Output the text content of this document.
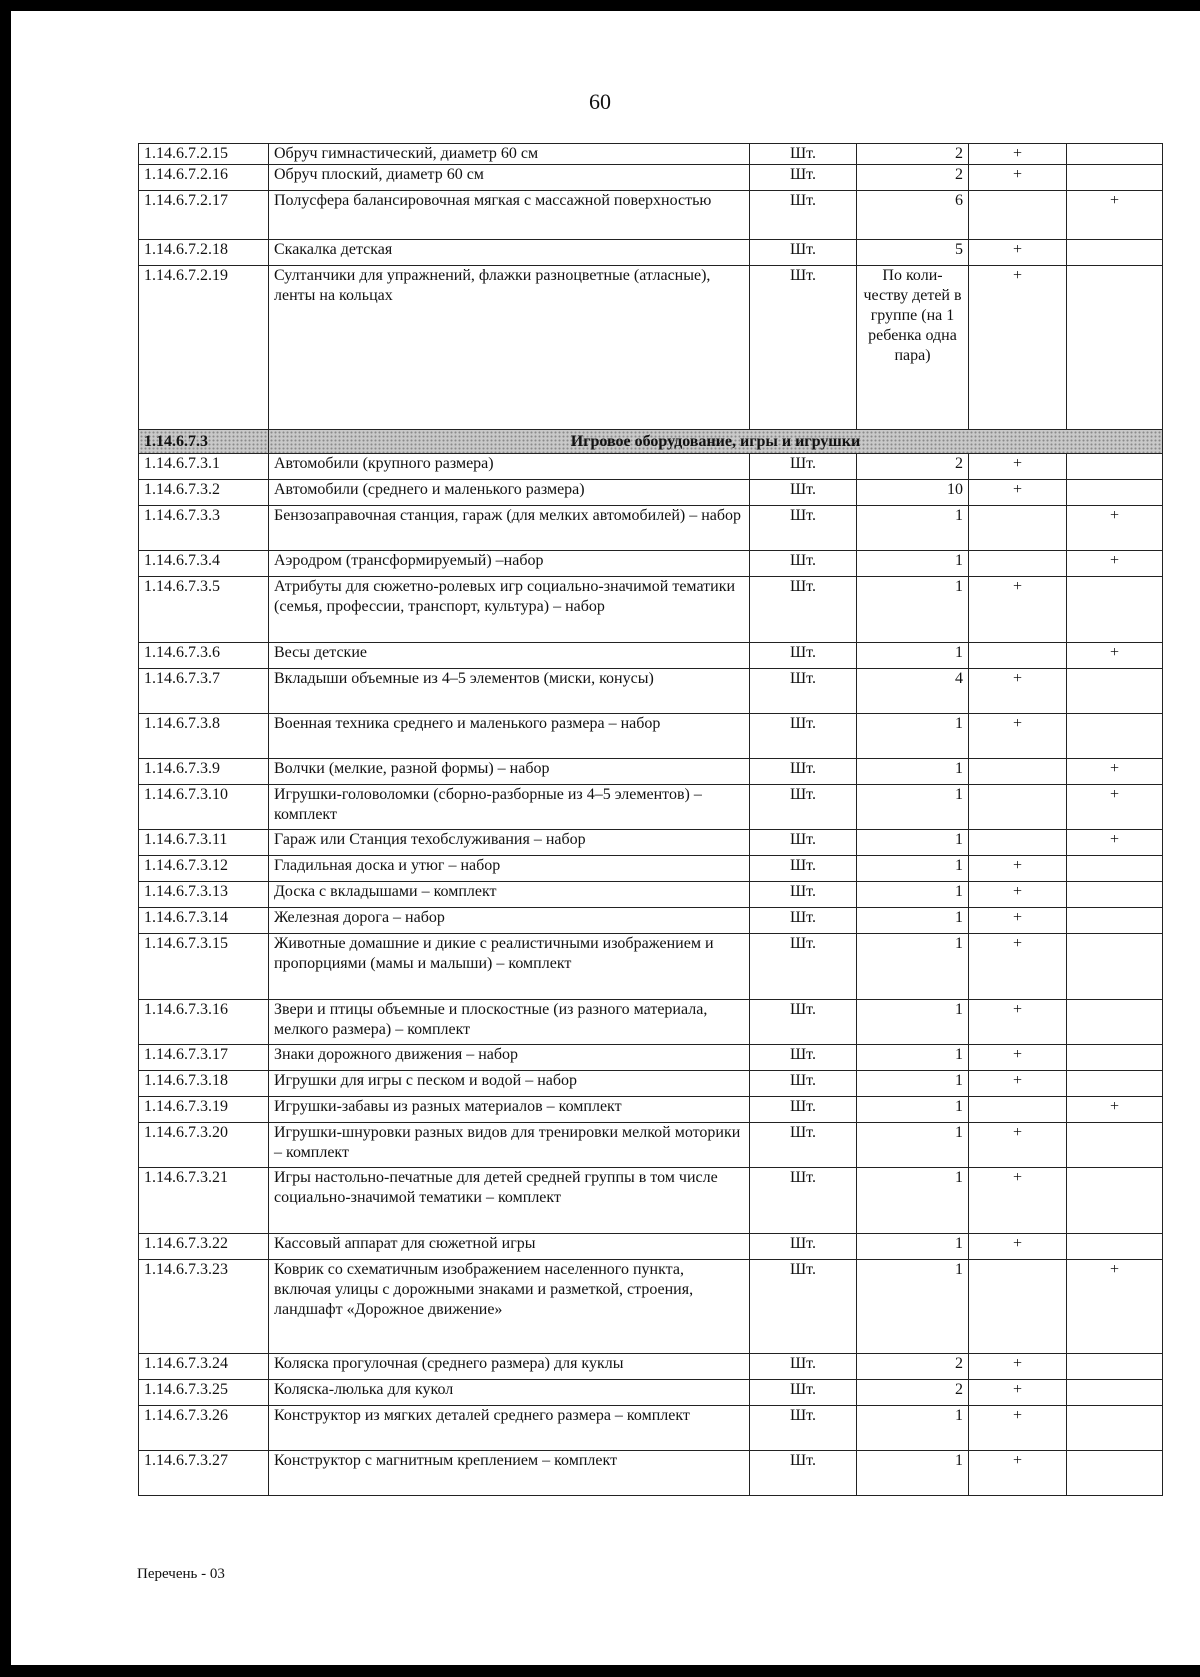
60
1.14.6.7.2.15	Обруч гимнастический, диаметр 60 см	Шт.	2	+	
1.14.6.7.2.16	Обруч плоский, диаметр 60 см	Шт.	2	+	
1.14.6.7.2.17	Полусфера балансировочная мягкая с массажной поверхностью	Шт.	6		+
1.14.6.7.2.18	Скакалка детская	Шт.	5	+	
1.14.6.7.2.19	Султанчики для упражнений, флажки разноцветные (атласные), ленты на кольцах	Шт.	По коли-честву детей в группе (на 1 ребенка одна пара)	+	
1.14.6.7.3	Игровое оборудование, игры и игрушки				
1.14.6.7.3.1	Автомобили (крупного размера)	Шт.	2	+	
1.14.6.7.3.2	Автомобили (среднего и маленького размера)	Шт.	10	+	
1.14.6.7.3.3	Бензозаправочная станция, гараж (для мелких автомобилей) – набор	Шт.	1		+
1.14.6.7.3.4	Аэродром (трансформируемый) –набор	Шт.	1		+
1.14.6.7.3.5	Атрибуты для сюжетно-ролевых игр социально-значимой тематики (семья, профессии, транспорт, культура) – набор	Шт.	1	+	
1.14.6.7.3.6	Весы детские	Шт.	1		+
1.14.6.7.3.7	Вкладыши объемные из 4–5 элементов (миски, конусы)	Шт.	4	+	
1.14.6.7.3.8	Военная техника среднего и маленького размера – набор	Шт.	1	+	
1.14.6.7.3.9	Волчки (мелкие, разной формы) – набор	Шт.	1		+
1.14.6.7.3.10	Игрушки-головоломки (сборно-разборные из 4–5 элементов) – комплект	Шт.	1		+
1.14.6.7.3.11	Гараж или Станция техобслуживания – набор	Шт.	1		+
1.14.6.7.3.12	Гладильная доска и утюг – набор	Шт.	1	+	
1.14.6.7.3.13	Доска с вкладышами – комплект	Шт.	1	+	
1.14.6.7.3.14	Железная дорога – набор	Шт.	1	+	
1.14.6.7.3.15	Животные домашние и дикие с реалистичными изображением и пропорциями (мамы и малыши) – комплект	Шт.	1	+	
1.14.6.7.3.16	Звери и птицы объемные и плоскостные (из разного материала, мелкого размера) – комплект	Шт.	1	+	
1.14.6.7.3.17	Знаки дорожного движения – набор	Шт.	1	+	
1.14.6.7.3.18	Игрушки для игры с песком и водой – набор	Шт.	1	+	
1.14.6.7.3.19	Игрушки-забавы из разных материалов – комплект	Шт.	1		+
1.14.6.7.3.20	Игрушки-шнуровки разных видов для тренировки мелкой моторики – комплект	Шт.	1	+	
1.14.6.7.3.21	Игры настольно-печатные для детей средней группы в том числе социально-значимой тематики – комплект	Шт.	1	+	
1.14.6.7.3.22	Кассовый аппарат для сюжетной игры	Шт.	1	+	
1.14.6.7.3.23	Коврик со схематичным изображением населенного пункта, включая улицы с дорожными знаками и разметкой, строения, ландшафт «Дорожное движение»	Шт.	1		+
1.14.6.7.3.24	Коляска прогулочная (среднего размера) для куклы	Шт.	2	+	
1.14.6.7.3.25	Коляска-люлька для кукол	Шт.	2	+	
1.14.6.7.3.26	Конструктор из мягких деталей среднего размера – комплект	Шт.	1	+	
1.14.6.7.3.27	Конструктор с магнитным креплением – комплект	Шт.	1	+	
Перечень - 03
